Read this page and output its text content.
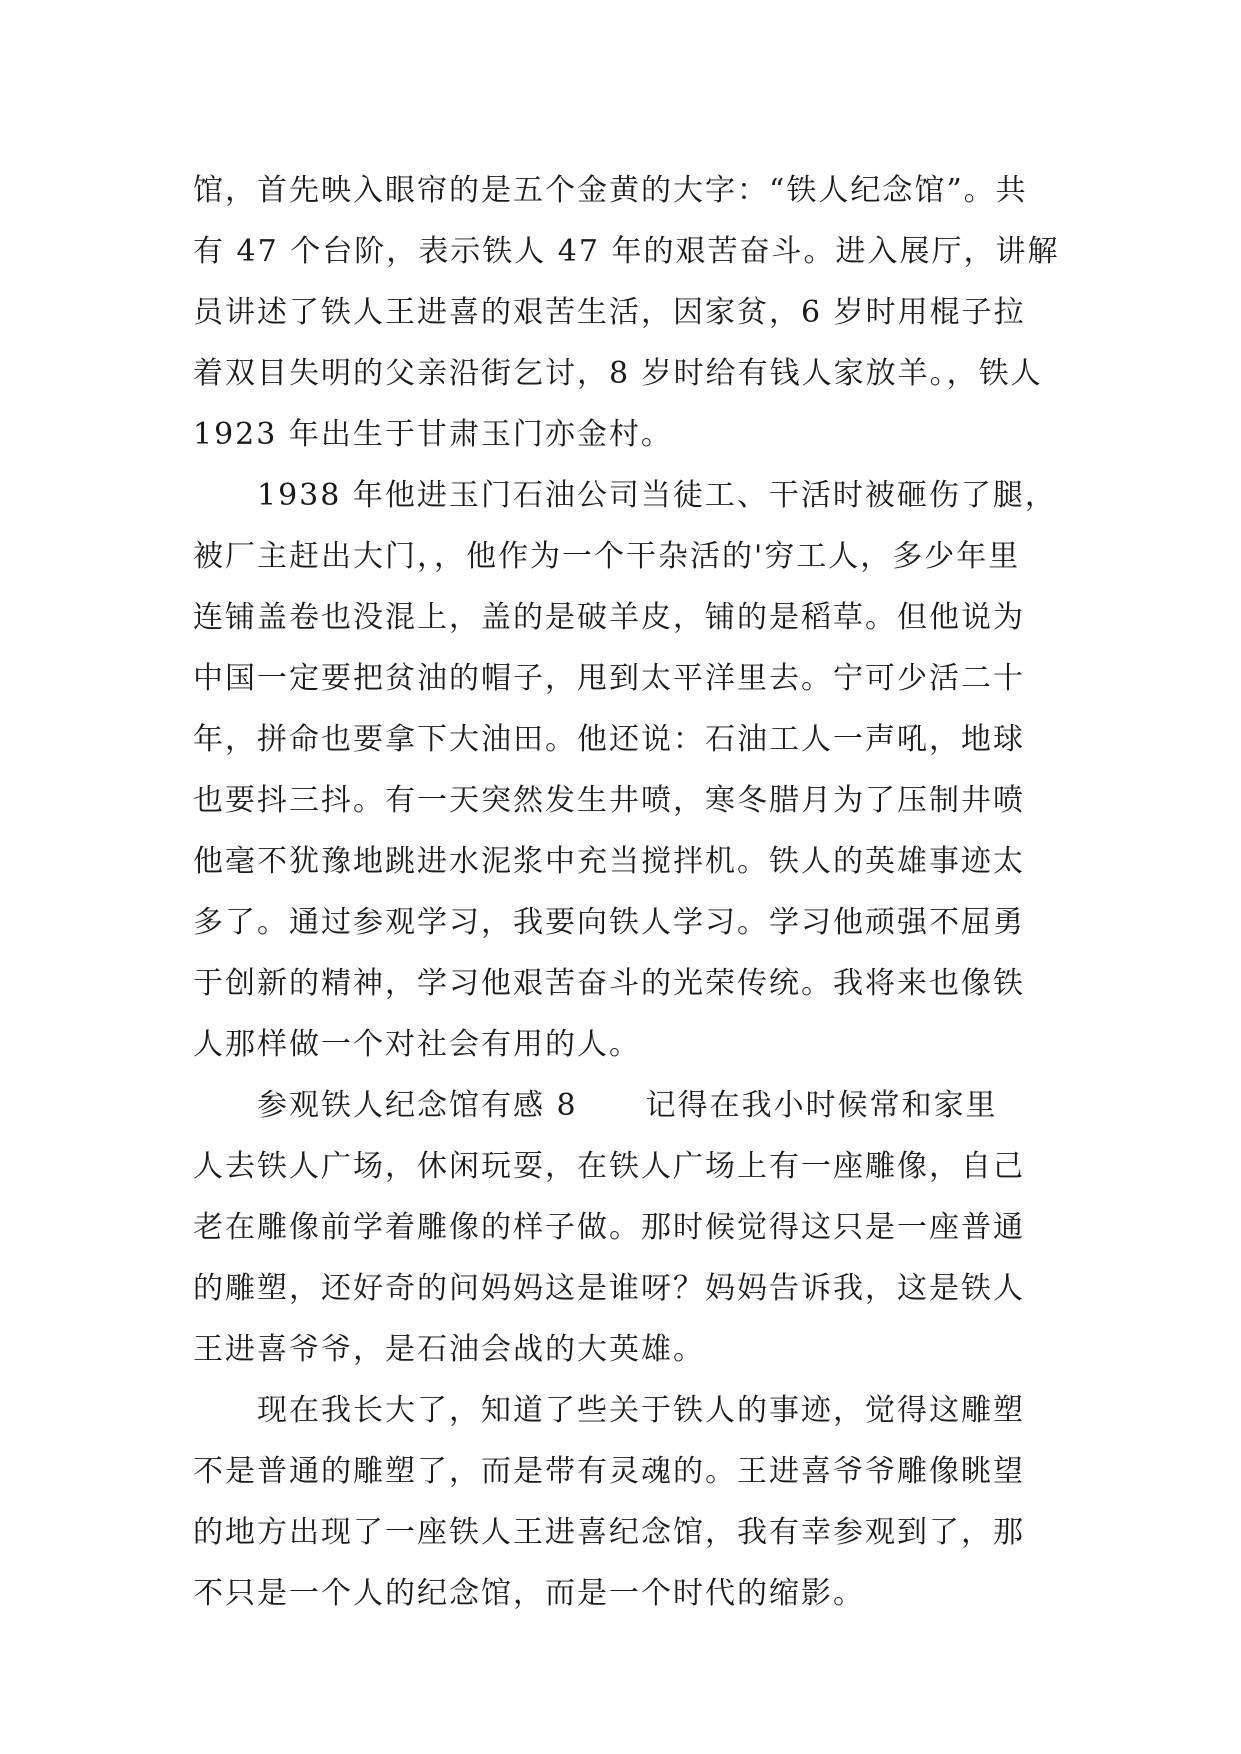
馆，首先映入眼帘的是五个金黄的大字：“铁人纪念馆”。共
有 47 个台阶，表示铁人 47 年的艰苦奋斗。进入展厅，讲解
员讲述了铁人王进喜的艰苦生活，因家贫，6 岁时用棍子拉
着双目失明的父亲沿街乞讨，8 岁时给有钱人家放羊。，铁人
1923 年出生于甘肃玉门亦金村。
1938 年他进玉门石油公司当徒工、干活时被砸伤了腿，
被厂主赶出大门，，他作为一个干杂活的'穷工人，多少年里
连铺盖卷也没混上，盖的是破羊皮，铺的是稻草。但他说为
中国一定要把贫油的帽子，甩到太平洋里去。宁可少活二十
年，拼命也要拿下大油田。他还说：石油工人一声吼，地球
也要抖三抖。有一天突然发生井喷，寒冬腊月为了压制井喷
他毫不犹豫地跳进水泥浆中充当搅拌机。铁人的英雄事迹太
多了。通过参观学习，我要向铁人学习。学习他顽强不屈勇
于创新的精神，学习他艰苦奋斗的光荣传统。我将来也像铁
人那样做一个对社会有用的人。
参观铁人纪念馆有感 8 记得在我小时候常和家里
人去铁人广场，休闲玩耍，在铁人广场上有一座雕像，自己
老在雕像前学着雕像的样子做。那时候觉得这只是一座普通
的雕塑，还好奇的问妈妈这是谁呀？妈妈告诉我，这是铁人
王进喜爷爷，是石油会战的大英雄。
现在我长大了，知道了些关于铁人的事迹，觉得这雕塑
不是普通的雕塑了，而是带有灵魂的。王进喜爷爷雕像眺望
的地方出现了一座铁人王进喜纪念馆，我有幸参观到了，那
不只是一个人的纪念馆，而是一个时代的缩影。
